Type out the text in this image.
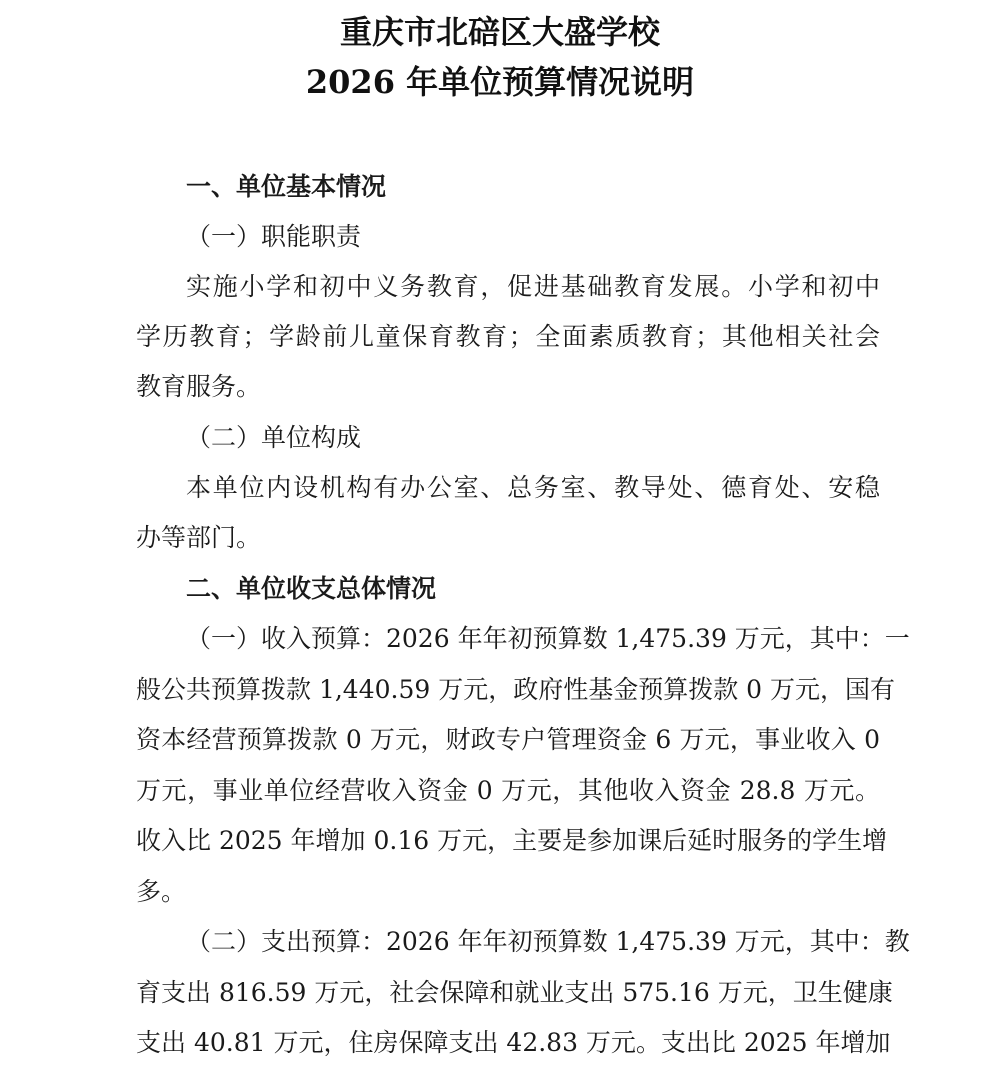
重庆市北碚区大盛学校
2026 年单位预算情况说明
一、单位基本情况
（一）职能职责
实施小学和初中义务教育，促进基础教育发展。小学和初中
学历教育；学龄前儿童保育教育；全面素质教育；其他相关社会
教育服务。
（二）单位构成
本单位内设机构有办公室、总务室、教导处、德育处、安稳
办等部门。
二、单位收支总体情况
（一）收入预算：2026 年年初预算数 1,475.39 万元，其中：一
般公共预算拨款 1,440.59 万元，政府性基金预算拨款 0 万元，国有
资本经营预算拨款 0 万元，财政专户管理资金 6 万元，事业收入 0
万元，事业单位经营收入资金 0 万元，其他收入资金 28.8 万元。
收入比 2025 年增加 0.16 万元，主要是参加课后延时服务的学生增
多。
（二）支出预算：2026 年年初预算数 1,475.39 万元，其中：教
育支出 816.59 万元，社会保障和就业支出 575.16 万元，卫生健康
支出 40.81 万元，住房保障支出 42.83 万元。支出比 2025 年增加
